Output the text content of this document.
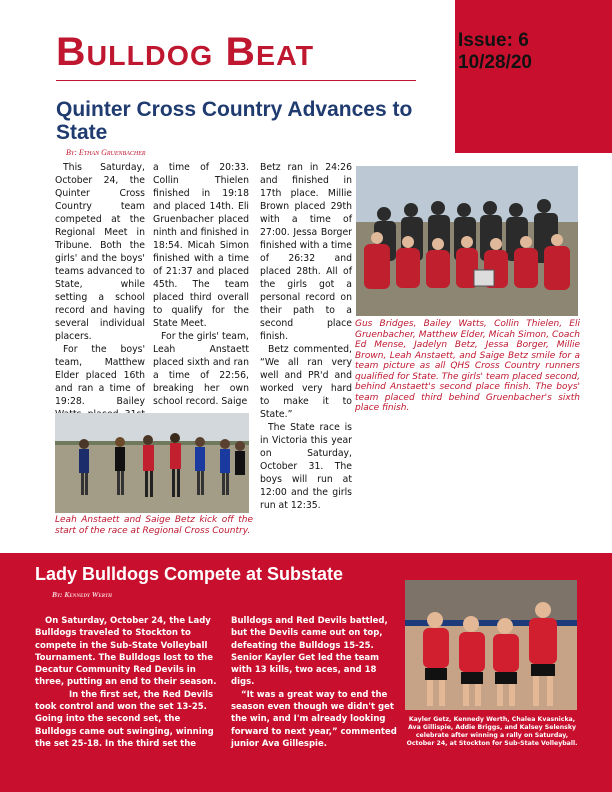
Issue: 6
10/28/20
Bulldog Beat
Quinter Cross Country Advances to State
By: Ethan Gruenbacher

This Saturday, October 24, the Quinter Cross Country team competed at the Regional Meet in Tribune. Both the girls' and the boys' teams advanced to State, while setting a school record and having several individual placers.

For the boys' team, Matthew Elder placed 16th and ran a time of 19:28. Bailey

a time of 20:33. Collin Thielen finished in 19:18 and placed 14th. Eli Gruenbacher placed ninth and finished in 18:54. Micah Simon finished with a time of 21:37 and placed 45th. The team placed third overall to qualify for the State Meet.

For the girls' team, Leah Anstaett placed sixth and ran a time of 22:56, breaking her own school record. Saige

Betz ran in 24:26 and finished in 17th place. Millie Brown placed 29th with a time of 27:00. Jessa Borger finished with a time of 26:32 and placed 28th. All of the girls got a personal record on their path to a second place finish.

Betz commented, “We all ran very well and PR'd and worked very hard to make it to State.”

The State race is in Victoria this year on Saturday, October 31. The boys will run at 12:00 and the girls run at 12:35.

Gus Bridges, Bailey Watts, Collin Thielen, Eli Gruenbacher, Matthew Elder, Micah Simon, Coach Ed Mense, Jadelyn Betz, Jessa Borger, Millie Brown, Leah Anstaett, and Saige Betz smile for a team picture as all QHS Cross Country runners qualified for State. The girls' team placed second, behind Anstaett's second place finish. The boys' team placed third behind Gruenbacher's sixth place finish.
Leah Anstaett and Saige Betz kick off the start of the race at Regional Cross Country.
Lady Bulldogs Compete at Substate
By: Kennedy Werth

On Saturday, October 24, the Lady Bulldogs traveled to Stockton to compete in the Sub-State Volleyball Tournament. The Bulldogs lost to the Decatur Community Red Devils in three, putting an end to their season.

In the first set, the Red Devils took control and won the set 13-25. Going into the second set, the Bulldogs came out swinging, winning the set 25-18. In the third set the

Bulldogs and Red Devils battled, but the Devils came out on top, defeating the Bulldogs 15-25. Senior Kayler Get led the team with 13 kills, two aces, and 18 digs.

“It was a great way to end the season even though we didn't get the win, and I'm already looking forward to next year,” commented junior Ava Gillespie.

Kayler Getz, Kennedy Werth, Chalea Kvasnicka, Ava Gillispie, Addie Briggs, and Kalsey Selensky celebrate after winning a rally on Saturday, October 24, at Stockton for Sub-State Volleyball.
